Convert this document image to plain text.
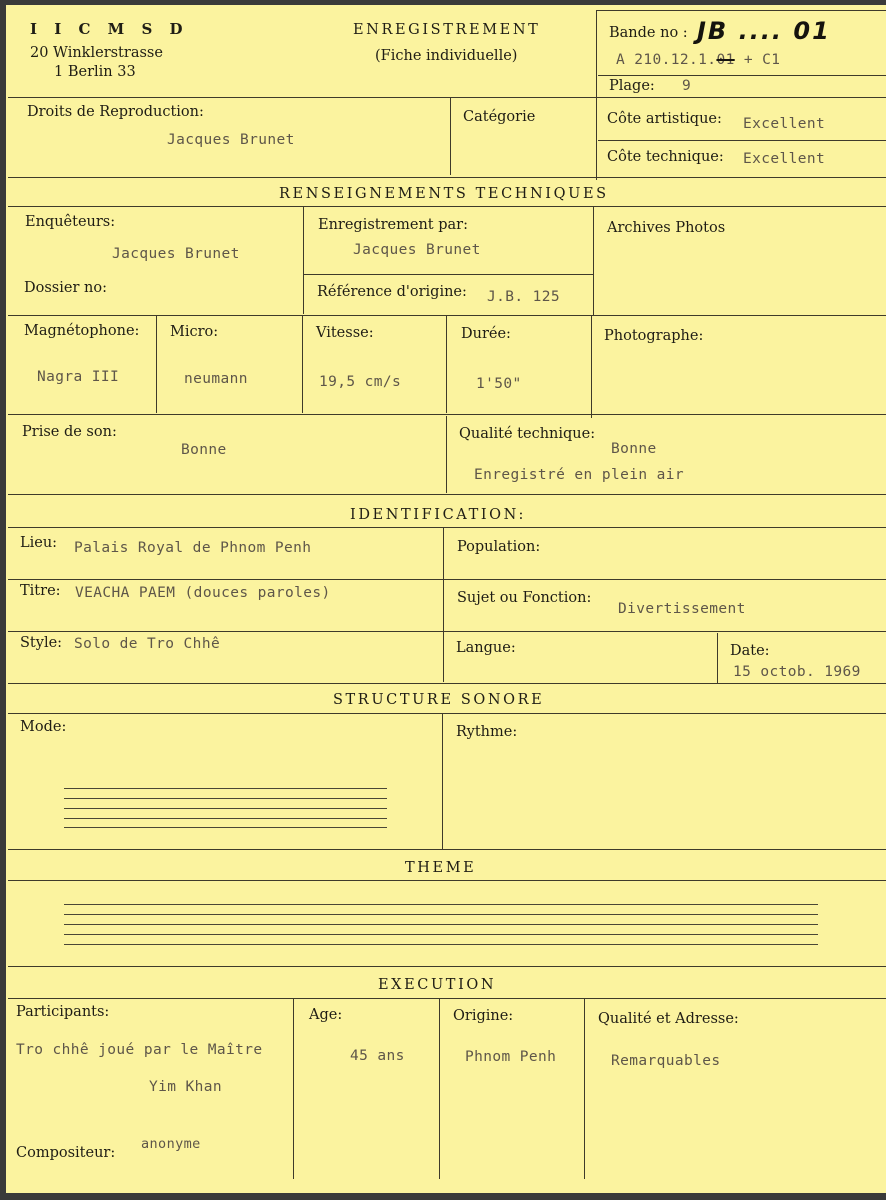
I I C M S D
20 Winklerstrasse
1 Berlin 33
ENREGISTREMENT
(Fiche individuelle)
Bande no : JB .... 01
A 210.12.1.01 + C1
Plage: 9
Droits de Reproduction:
Jacques Brunet
Catégorie	Côte artistique: Excellent
Côte technique: Excellent
RENSEIGNEMENTS TECHNIQUES
Enquêteurs:
Jacques Brunet
Enregistrement par:
Jacques Brunet
Archives Photos
Dossier no:	Référence d'origine: J.B. 125
Magnétophone:
Nagra III
Micro:
neumann
Vitesse:
19,5 cm/s
Durée:
1'50"
Photographe:
Prise de son:
Bonne
Qualité technique:
Bonne
Enregistré en plein air
IDENTIFICATION:
Lieu: Palais Royal de Phnom Penh	Population:
Titre: VEACHA PAEM (douces paroles)	Sujet ou Fonction:
Divertissement
Style: Solo de Tro Chhê	Langue:	Date:
15 octob. 1969
STRUCTURE SONORE
Mode:	Rythme:
THEME
EXECUTION
Participants:
Tro chhê joué par le Maître
Yim Khan
Age:
45 ans
Origine:
Phnom Penh
Qualité et Adresse:
Remarquables
Compositeur:
anonyme
